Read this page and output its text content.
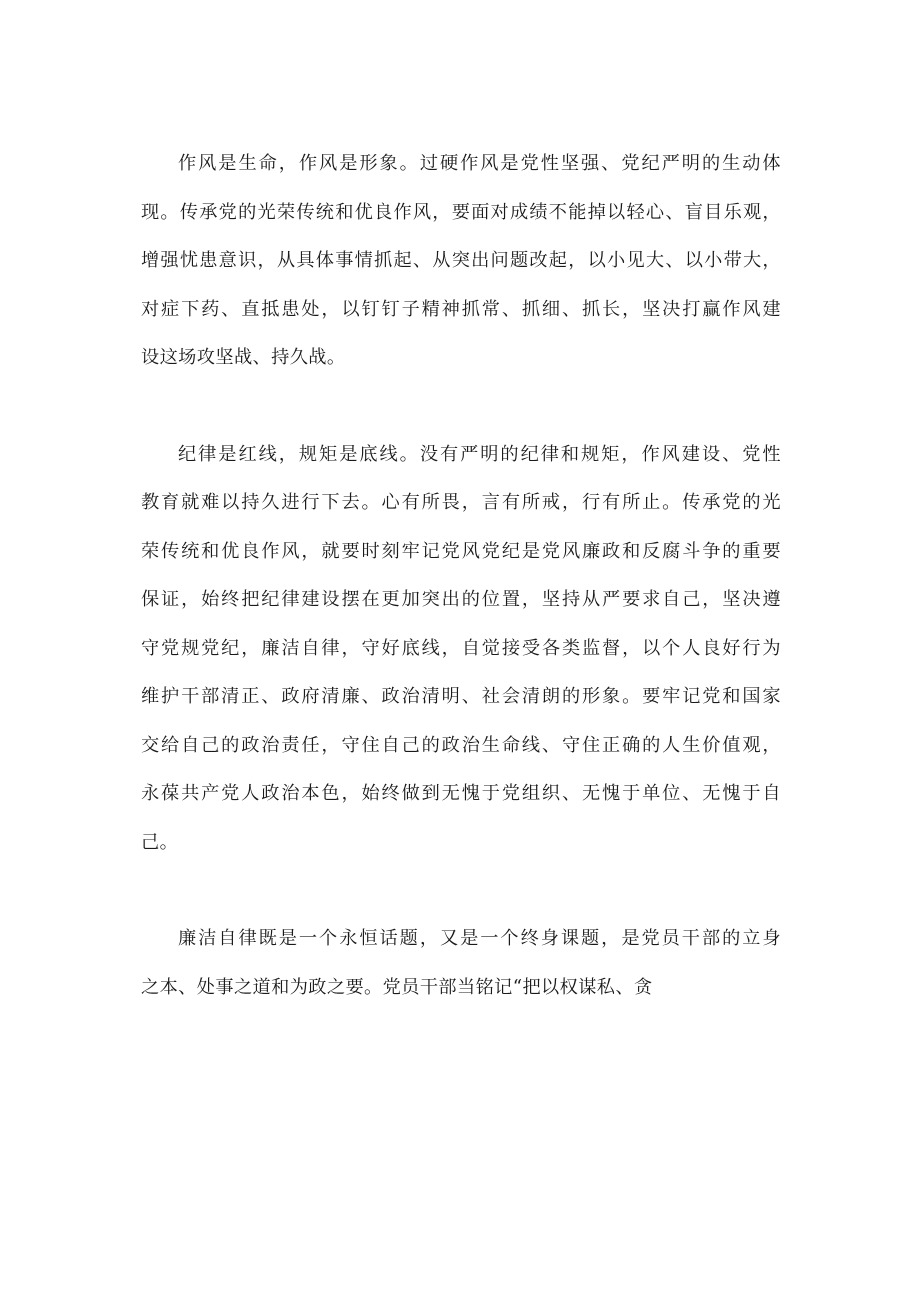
作风是生命，作风是形象。过硬作风是党性坚强、党纪严明的生动体
现。传承党的光荣传统和优良作风，要面对成绩不能掉以轻心、盲目乐观，
增强忧患意识，从具体事情抓起、从突出问题改起，以小见大、以小带大，
对症下药、直抵患处，以钉钉子精神抓常、抓细、抓长，坚决打赢作风建
设这场攻坚战、持久战。

纪律是红线，规矩是底线。没有严明的纪律和规矩，作风建设、党性
教育就难以持久进行下去。心有所畏，言有所戒，行有所止。传承党的光
荣传统和优良作风，就要时刻牢记党风党纪是党风廉政和反腐斗争的重要
保证，始终把纪律建设摆在更加突出的位置，坚持从严要求自己，坚决遵
守党规党纪，廉洁自律，守好底线，自觉接受各类监督，以个人良好行为
维护干部清正、政府清廉、政治清明、社会清朗的形象。要牢记党和国家
交给自己的政治责任，守住自己的政治生命线、守住正确的人生价值观，
永葆共产党人政治本色，始终做到无愧于党组织、无愧于单位、无愧于自
己。

廉洁自律既是一个永恒话题，又是一个终身课题，是党员干部的立身
之本、处事之道和为政之要。党员干部当铭记“把以权谋私、贪
